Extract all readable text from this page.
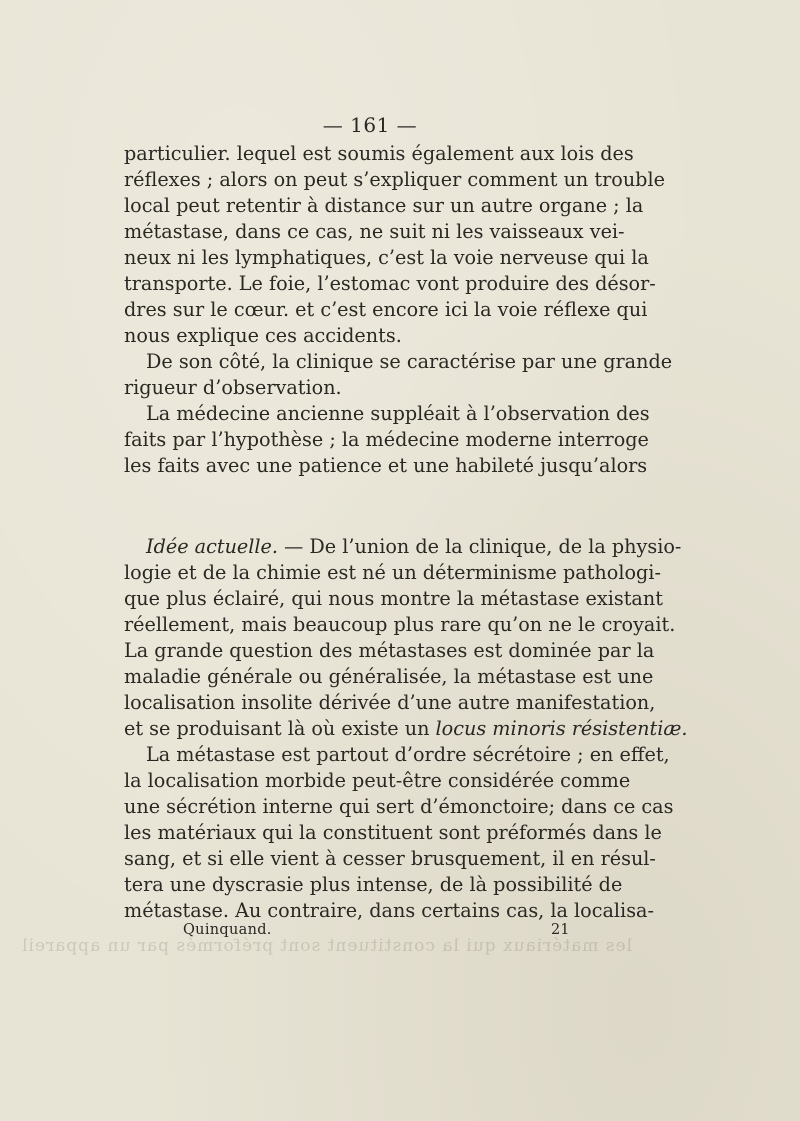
— 161 —
particulier. lequel est soumis également aux lois des
réflexes ; alors on peut s’expliquer comment un trouble
local peut retentir à distance sur un autre organe ; la
métastase, dans ce cas, ne suit ni les vaisseaux vei-
neux ni les lymphatiques, c’est la voie nerveuse qui la
transporte. Le foie, l’estomac vont produire des désor-
dres sur le cœur. et c’est encore ici la voie réflexe qui
nous explique ces accidents.
De son côté, la clinique se caractérise par une grande
rigueur d’observation.
La médecine ancienne suppléait à l’observation des
faits par l’hypothèse ; la médecine moderne interroge
les faits avec une patience et une habileté jusqu’alors
Idée actuelle. — De l’union de la clinique, de la physio-
logie et de la chimie est né un déterminisme pathologi-
que plus éclairé, qui nous montre la métastase existant
réellement, mais beaucoup plus rare qu’on ne le croyait.
La grande question des métastases est dominée par la
maladie générale ou généralisée, la métastase est une
localisation insolite dérivée d’une autre manifestation,
et se produisant là où existe un locus minoris résistentiæ.
La métastase est partout d’ordre sécrétoire ; en effet,
la localisation morbide peut-être considérée comme
une sécrétion interne qui sert d’émonctoire; dans ce cas
les matériaux qui la constituent sont préformés dans le
sang, et si elle vient à cesser brusquement, il en résul-
tera une dyscrasie plus intense, de là possibilité de
métastase. Au contraire, dans certains cas, la localisa-
Quinquand.	21
les matériaux qui la constituent sont préformés par un appareil
